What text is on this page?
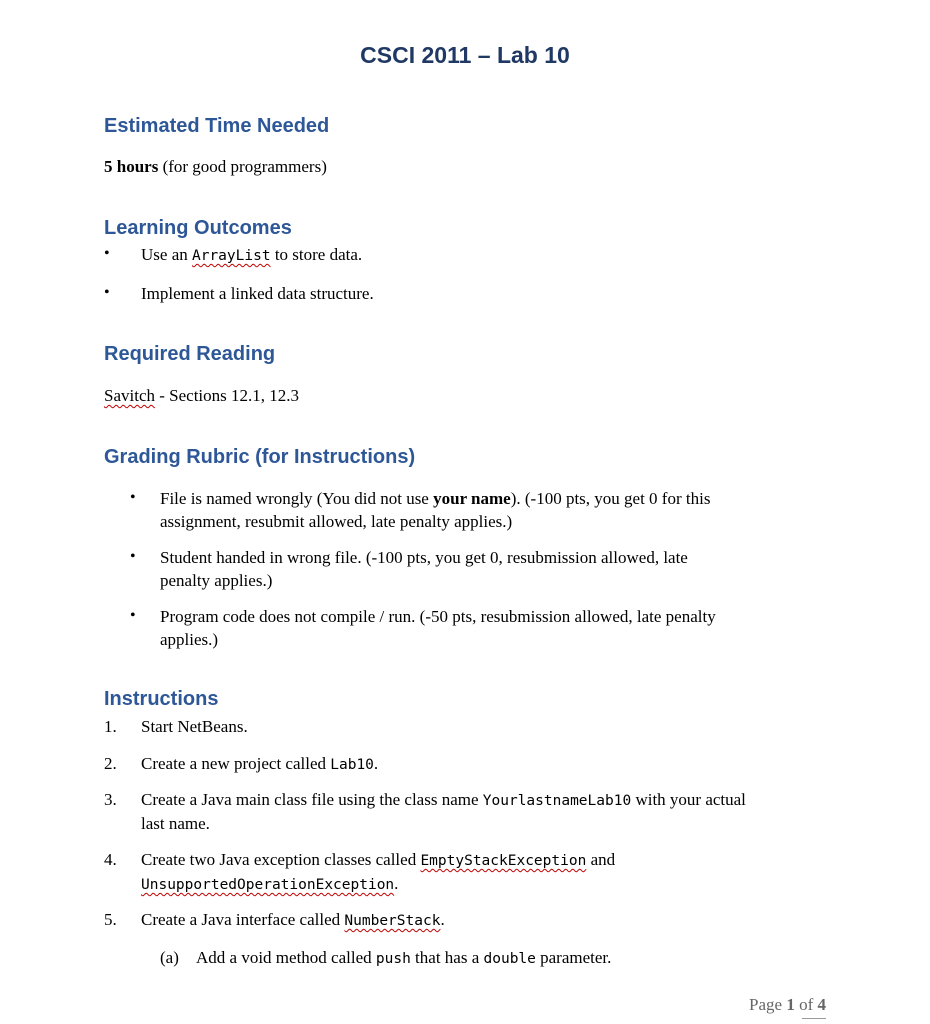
CSCI 2011 – Lab 10
Estimated Time Needed
5 hours (for good programmers)
Learning Outcomes
• Use an ArrayList to store data.
• Implement a linked data structure.
Required Reading
Savitch - Sections 12.1, 12.3
Grading Rubric (for Instructions)
• File is named wrongly (You did not use your name). (-100 pts, you get 0 for this
assignment, resubmit allowed, late penalty applies.)
• Student handed in wrong file. (-100 pts, you get 0, resubmission allowed, late
penalty applies.)
• Program code does not compile / run. (-50 pts, resubmission allowed, late penalty
applies.)
Instructions
1. Start NetBeans.
2. Create a new project called Lab10.
3. Create a Java main class file using the class name YourlastnameLab10 with your actual
last name.
4. Create two Java exception classes called EmptyStackException and
UnsupportedOperationException.
5. Create a Java interface called NumberStack.
(a) Add a void method called push that has a double parameter.
Page 1 of 4
